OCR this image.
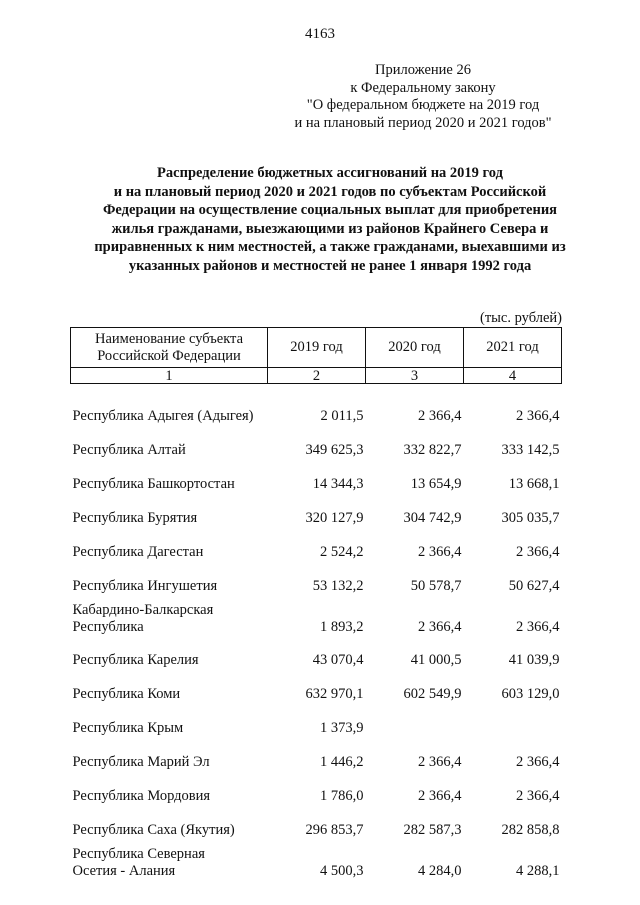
4163
Приложение 26
к Федеральному закону
"О федеральном бюджете на 2019 год
и на плановый период 2020 и 2021 годов"
Распределение бюджетных ассигнований на 2019 год
и на плановый период 2020 и 2021 годов по субъектам Российской
Федерации на осуществление социальных выплат для приобретения
жилья гражданами, выезжающими из районов Крайнего Севера и
приравненных к ним местностей, а также гражданами, выехавшими из
указанных районов и местностей не ранее 1 января 1992 года
(тыс. рублей)
Наименование субъекта
Российской Федерации	2019 год	2020 год	2021 год
1	2	3	4

Республика Адыгея (Адыгея)	2 011,5	2 366,4	2 366,4

Республика Алтай	349 625,3	332 822,7	333 142,5

Республика Башкортостан	14 344,3	13 654,9	13 668,1

Республика Бурятия	320 127,9	304 742,9	305 035,7

Республика Дагестан	2 524,2	2 366,4	2 366,4

Республика Ингушетия	53 132,2	50 578,7	50 627,4

Кабардино-Балкарская
Республика	1 893,2	2 366,4	2 366,4

Республика Карелия	43 070,4	41 000,5	41 039,9

Республика Коми	632 970,1	602 549,9	603 129,0

Республика Крым	1 373,9		

Республика Марий Эл	1 446,2	2 366,4	2 366,4

Республика Мордовия	1 786,0	2 366,4	2 366,4

Республика Саха (Якутия)	296 853,7	282 587,3	282 858,8

Республика Северная
Осетия - Алания	4 500,3	4 284,0	4 288,1
